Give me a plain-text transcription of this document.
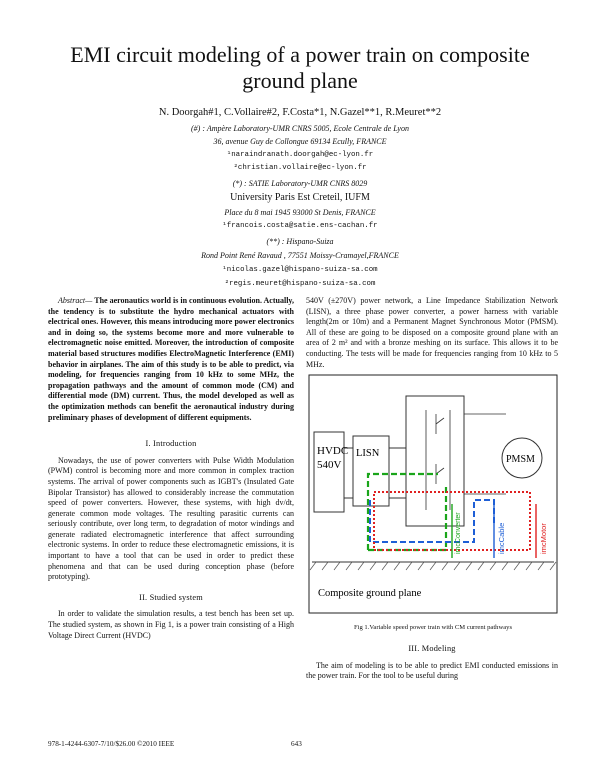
EMI circuit modeling of a power train on composite
ground plane
N. Doorgah#1, C.Vollaire#2, F.Costa*1, N.Gazel**1, R.Meuret**2
(#) : Ampère Laboratory-UMR CNRS 5005, Ecole Centrale de Lyon
36, avenue Guy de Collongue 69134 Ecully, FRANCE
¹naraindranath.doorgah@ec-lyon.fr
²christian.vollaire@ec-lyon.fr
(*) : SATIE Laboratory-UMR CNRS 8029
University Paris Est Creteil, IUFM
Place du 8 mai 1945 93000 St Denis, FRANCE
¹francois.costa@satie.ens-cachan.fr
(**) : Hispano-Suiza
Rond Point René Ravaud , 77551 Moissy-Cramayel,FRANCE
¹nicolas.gazel@hispano-suiza-sa.com
²regis.meuret@hispano-suiza-sa.com

Abstract— The aeronautics world is in continuous evolution. Actually, the tendency is to substitute the hydro mechanical actuators with electrical ones. However, this means introducing more power electronics and in doing so, the systems become more and more vulnerable to electromagnetic noise emitted. Moreover, the introduction of composite material based structures modifies ElectroMagnetic Interference (EMI) behavior in airplanes. The aim of this study is to be able to predict, via modeling, for frequencies ranging from 10 kHz to some MHz, the propagation pathways and the amount of common mode (CM) and differential mode (DM) current. Thus, the model developed as well as the optimization methods can benefit the aeronautical industry during preliminary phases of development of different equipments.

I. Introduction

Nowadays, the use of power converters with Pulse Width Modulation (PWM) control is becoming more and more common in complex traction systems. The arrival of power components such as IGBT's (Insulated Gate Bipolar Transistor) has allowed to considerably increase the commutation speed of power converters. However, these systems, with high dv/dt, generate common mode voltages. The resulting parasitic currents can seriously contribute, over long term, to degradation of motor windings and generate radiated electromagnetic interference that affect surrounding electronic systems. In order to reduce these electromagnetic emissions, it is important to have a tool that can be used in order to predict these phenomena and that can be used during conception phase (before prototyping).

II. Studied system

In order to validate the simulation results, a test bench has been set up. The studied system, as shown in Fig 1, is a power train consisting of a High Voltage Direct Current (HVDC)

540V (±270V) power network, a Line Impedance Stabilization Network (LISN), a three phase power converter, a power harness with variable length(2m or 10m) and a Permanent Magnet Synchronous Motor (PMSM). All of these are going to be disposed on a composite ground plane with an area of 2 m² and with a bronze meshing on its surface. This allows it to be conducting. The tests will be made for frequencies ranging from 10 kHz to 5 MHz.

HVDC
540V
LISN
PMSM
Composite ground plane
imcConverter	imcCable	imcMotor
Fig 1.Variable speed power train with CM current pathways
III. Modeling

The aim of modeling is to be able to predict EMI conducted emissions in the power train. For the tool to be useful during

978-1-4244-6307-7/10/$26.00 ©2010 IEEE	643
